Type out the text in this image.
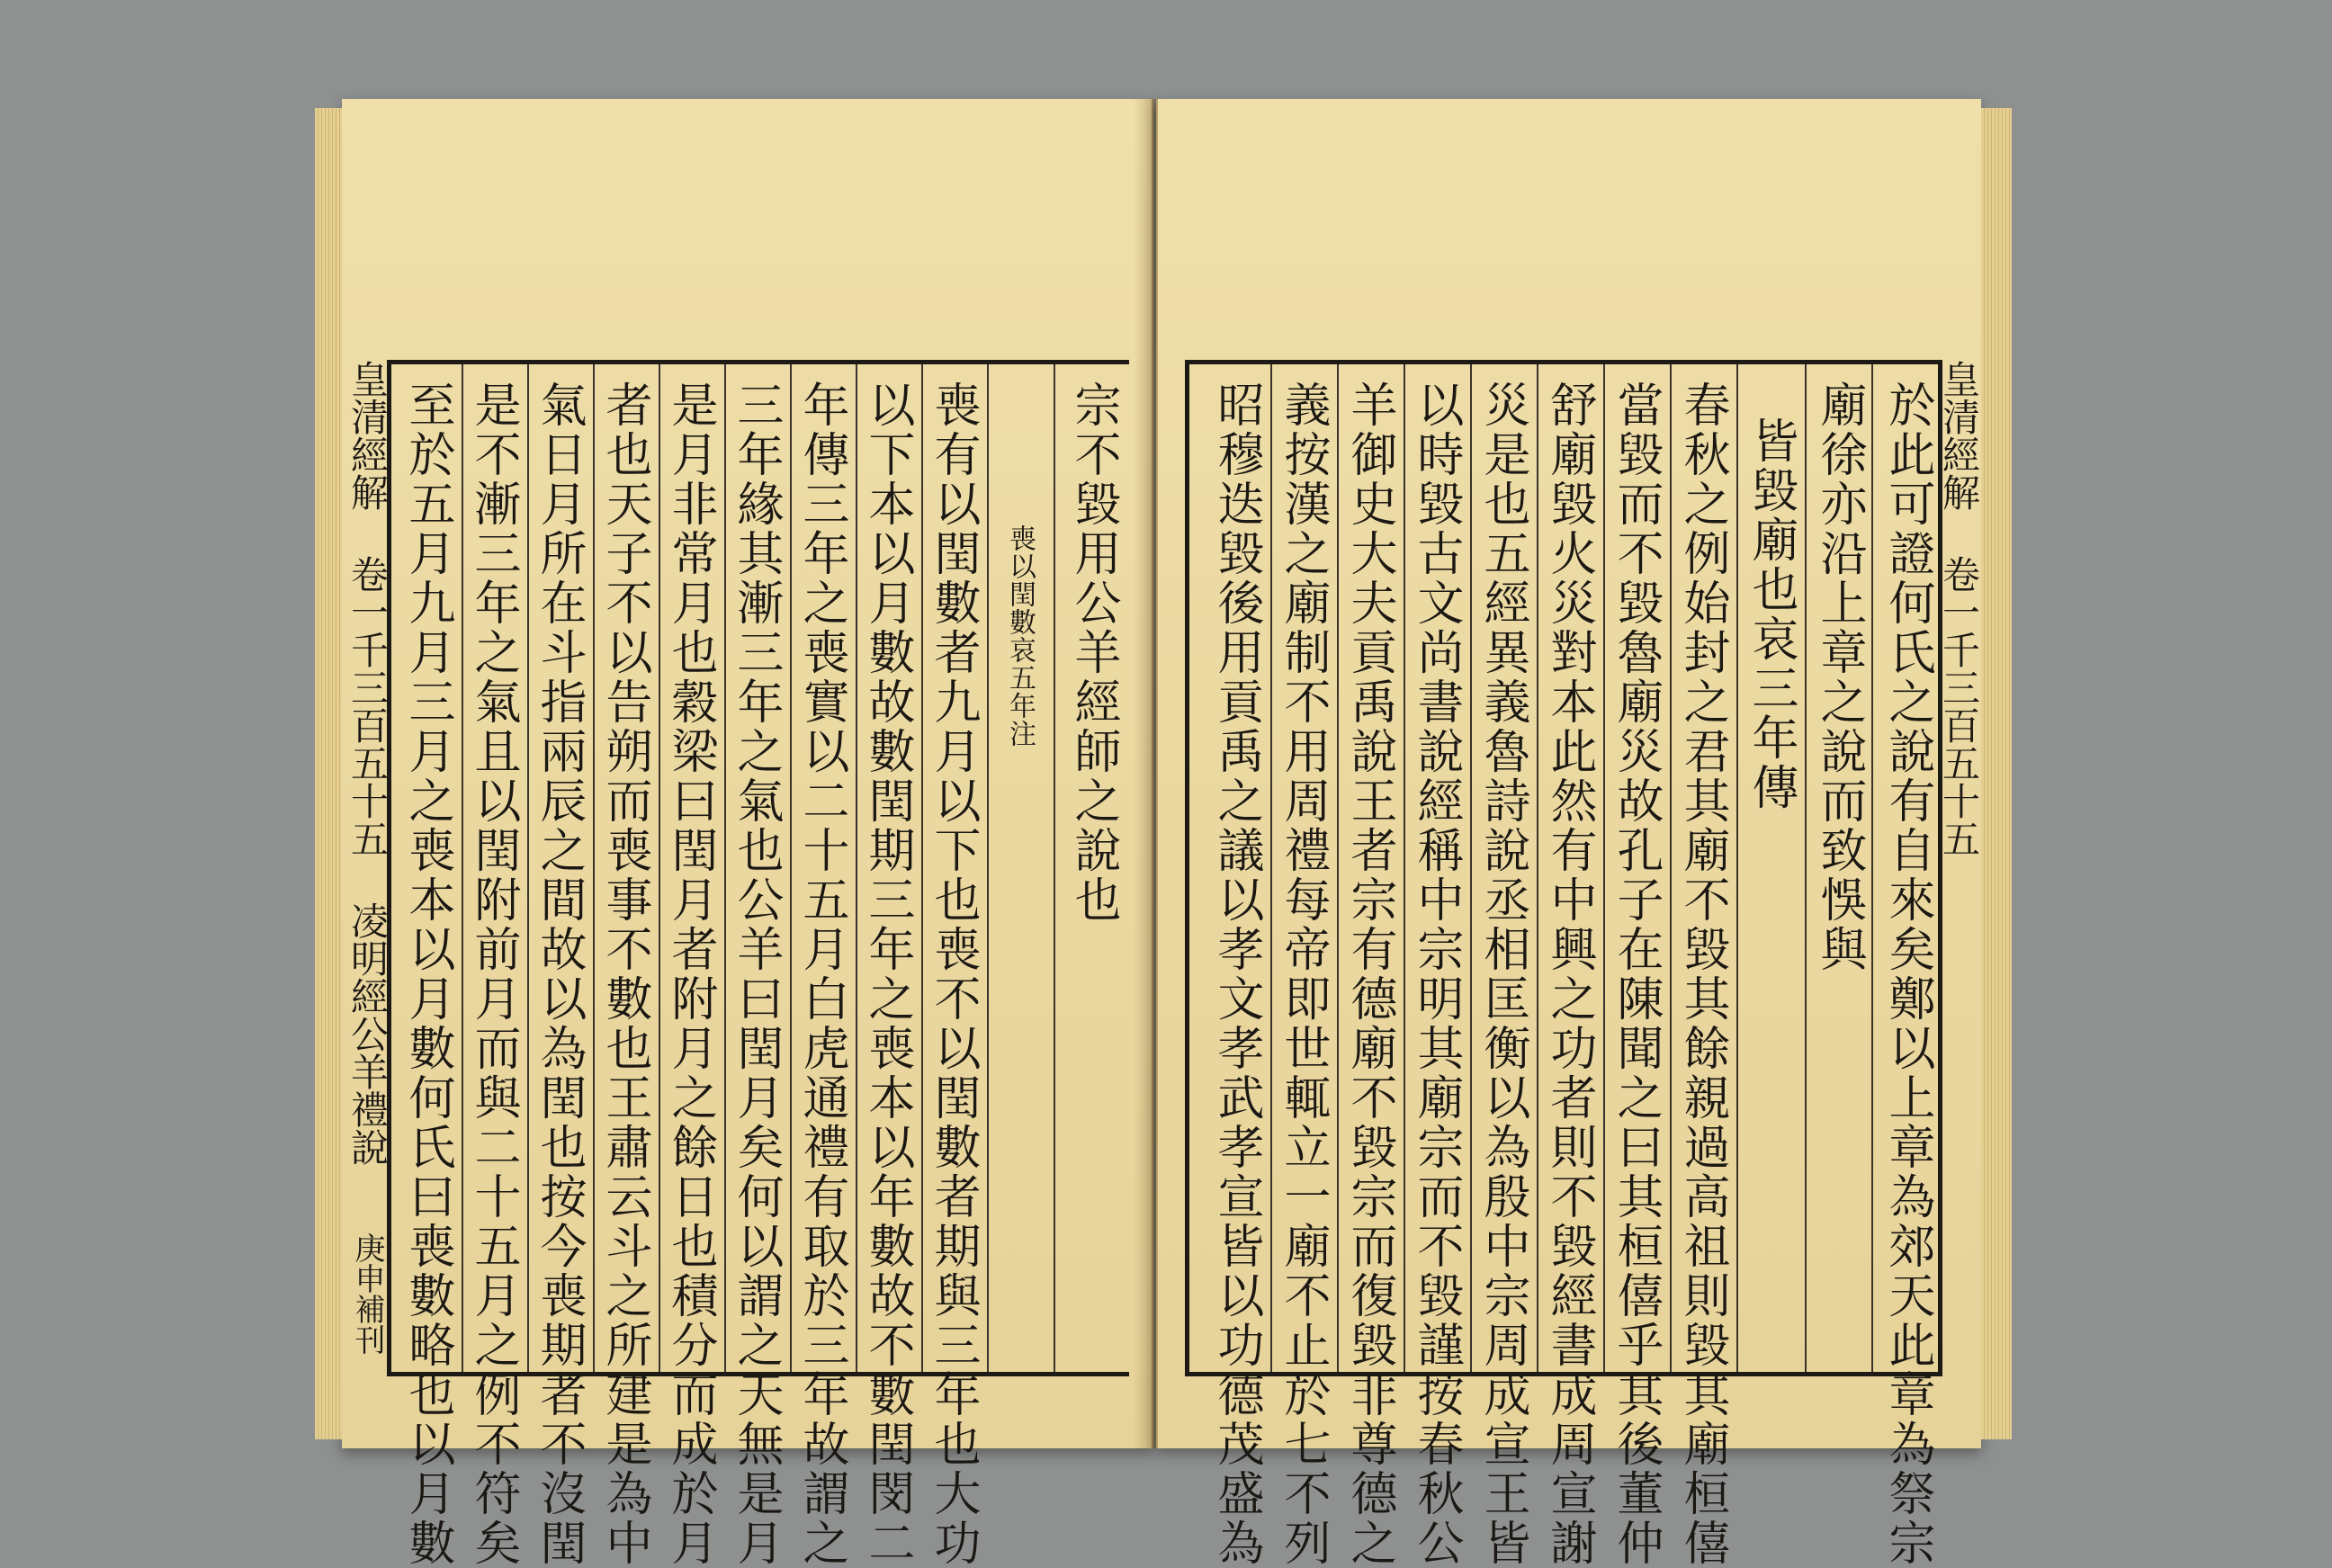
宗不毀用公羊經師之說也
喪以閏數哀五年注
喪有以閏數者九月以下也喪不以閏數者期與三年也大功
以下本以月數故數閏期三年之喪本以年數故不數閏閔二
年傳三年之喪實以二十五月白虎通禮有取於三年故謂之
三年緣其漸三年之氣也公羊曰閏月矣何以謂之天無是月
是月非常月也穀梁曰閏月者附月之餘日也積分而成於月
者也天子不以告朔而喪事不數也王肅云斗之所建是為中
氣日月所在斗指兩辰之間故以為閏也按今喪期者不沒閏
是不漸三年之氣且以閏附前月而與二十五月之例不符矣
至於五月九月三月之喪本以月數何氏曰喪數略也以月數
皇清經解 卷一千三百五十五 凌明經公羊禮說
庚申補刊	於此可證何氏之說有自來矣鄭以上章為郊天此章為祭宗
廟徐亦沿上章之說而致悞與
皆毀廟也哀三年傳
春秋之例始封之君其廟不毀其餘親過高祖則毀其廟桓僖
當毀而不毀魯廟災故孔子在陳聞之曰其桓僖乎其後董仲
舒廟毀火災對本此然有中興之功者則不毀經書成周宣謝
災是也五經異義魯詩說丞相匡衡以為殷中宗周成宣王皆
以時毀古文尚書說經稱中宗明其廟宗而不毀謹按春秋公
羊御史大夫貢禹說王者宗有德廟不毀宗而復毀非尊德之
義按漢之廟制不用周禮每帝即世輒立一廟不止於七不列
昭穆迭毀後用貢禹之議以孝文孝武孝宣皆以功德茂盛為	皇清經解 卷一千三百五十五
